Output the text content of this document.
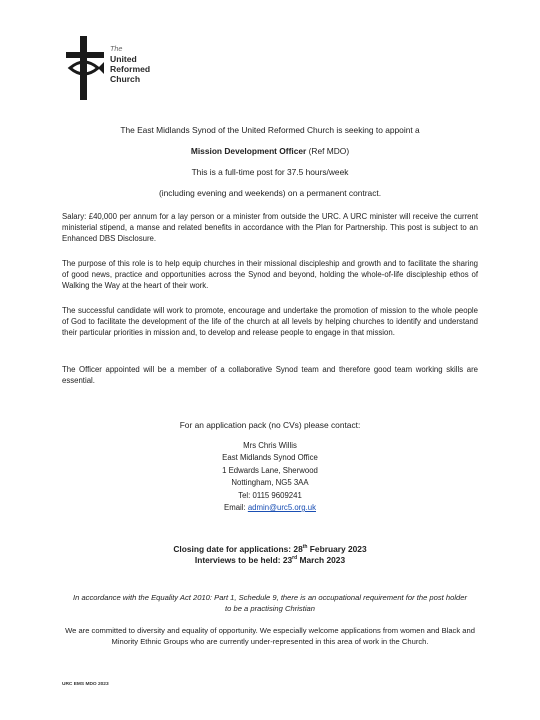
The
United
Reformed
Church
The East Midlands Synod of the United Reformed Church is seeking to appoint a
Mission Development Officer (Ref MDO)
This is a full-time post for 37.5 hours/week
(including evening and weekends) on a permanent contract.
Salary: £40,000 per annum for a lay person or a minister from outside the URC. A URC minister will receive the current ministerial stipend, a manse and related benefits in accordance with the Plan for Partnership. This post is subject to an Enhanced DBS Disclosure.
The purpose of this role is to help equip churches in their missional discipleship and growth and to facilitate the sharing of good news, practice and opportunities across the Synod and beyond, holding the whole-of-life discipleship ethos of Walking the Way at the heart of their work.
The successful candidate will work to promote, encourage and undertake the promotion of mission to the whole people of God to facilitate the development of the life of the church at all levels by helping churches to identify and understand their particular priorities in mission and, to develop and release people to engage in that mission.
The Officer appointed will be a member of a collaborative Synod team and therefore good team working skills are essential.
For an application pack (no CVs) please contact:
Mrs Chris Willis
East Midlands Synod Office
1 Edwards Lane, Sherwood
Nottingham, NG5 3AA
Tel: 0115 9609241
Email: admin@urc5.org.uk
Closing date for applications: 28th February 2023
Interviews to be held: 23rd March 2023
In accordance with the Equality Act 2010: Part 1, Schedule 9, there is an occupational requirement for the post holder to be a practising Christian
We are committed to diversity and equality of opportunity. We especially welcome applications from women and Black and Minority Ethnic Groups who are currently under-represented in this area of work in the Church.
URC EMS MDO 2023
